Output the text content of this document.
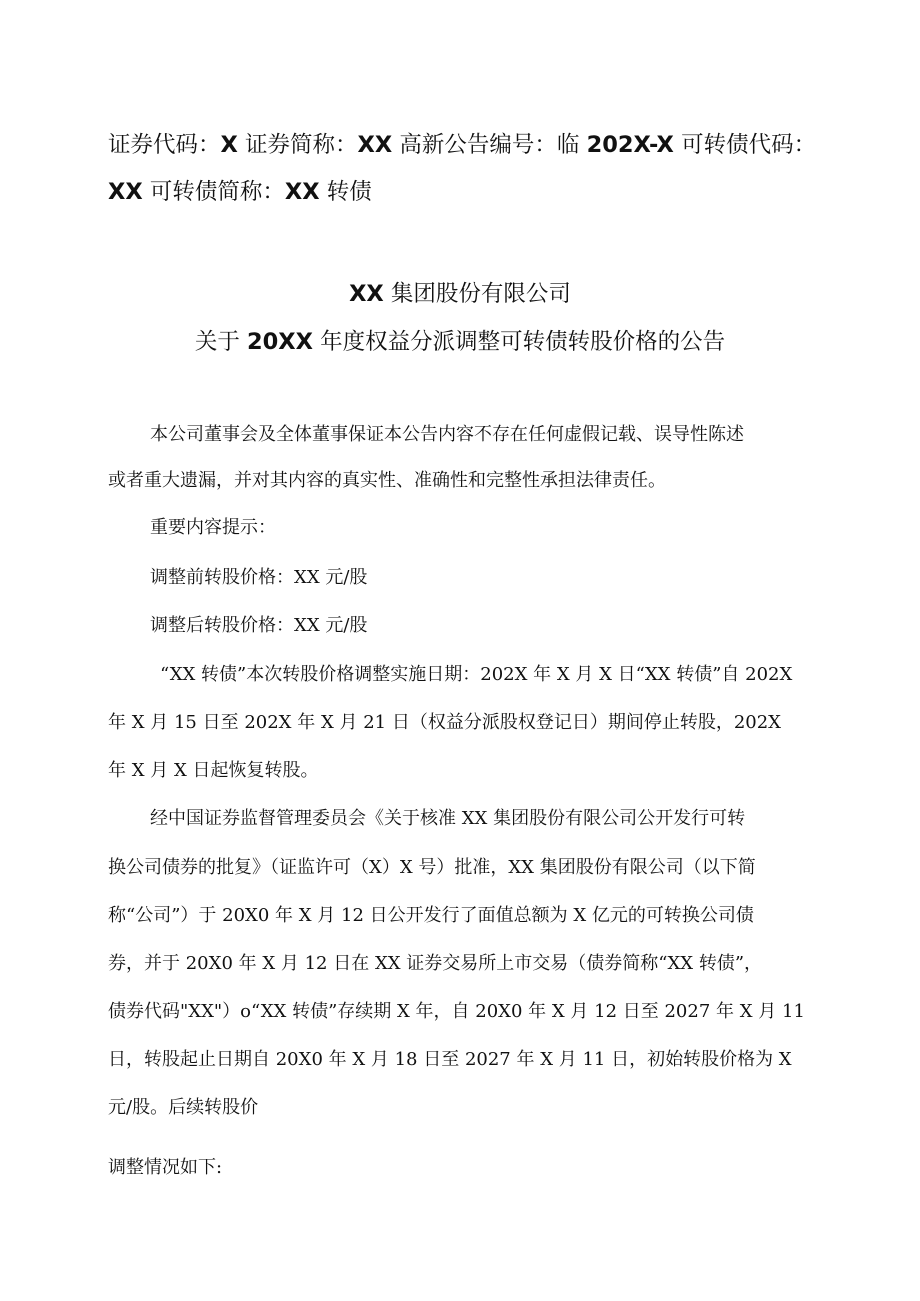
证券代码：X 证券简称：XX 高新公告编号：临 202X-X 可转债代码：
XX 可转债简称：XX 转债
XX 集团股份有限公司
关于 20XX 年度权益分派调整可转债转股价格的公告
本公司董事会及全体董事保证本公告内容不存在任何虚假记载、误导性陈述
或者重大遗漏，并对其内容的真实性、准确性和完整性承担法律责任。
重要内容提示：
调整前转股价格：XX 元/股
调整后转股价格：XX 元/股
“XX 转债”本次转股价格调整实施日期：202X 年 X 月 X 日“XX 转债”自 202X
年 X 月 15 日至 202X 年 X 月 21 日（权益分派股权登记日）期间停止转股，202X
年 X 月 X 日起恢复转股。
经中国证券监督管理委员会《关于核准 XX 集团股份有限公司公开发行可转
换公司债券的批复》（证监许可（X）X 号）批准，XX 集团股份有限公司（以下简
称“公司”）于 20X0 年 X 月 12 日公开发行了面值总额为 X 亿元的可转换公司债
券，并于 20X0 年 X 月 12 日在 XX 证券交易所上市交易（债券简称“XX 转债”，
债券代码"XX"）o“XX 转债”存续期 X 年，自 20X0 年 X 月 12 日至 2027 年 X 月 11
日，转股起止日期自 20X0 年 X 月 18 日至 2027 年 X 月 11 日，初始转股价格为 X
元/股。后续转股价
调整情况如下:
